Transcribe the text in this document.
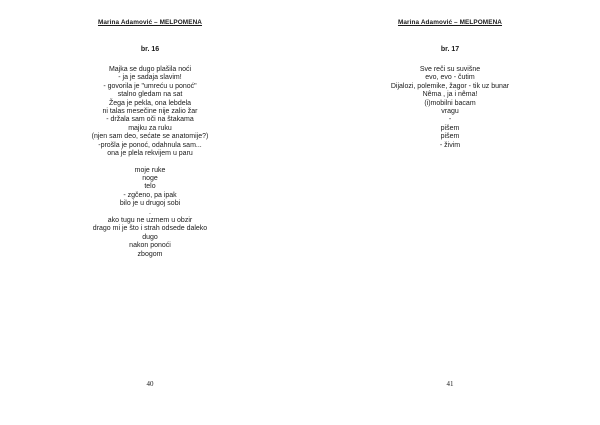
Marina Adamović – MELPOMENA
br. 16
Majka se dugo plašila noći
- ja je sadaja slavim!
- govorila je "umreću u ponoć"
stalno gledam na sat
Žega je pekla, ona lebdela
ni talas mesečine nije zalio žar
- držala sam oči na štakama
majku za ruku
(njen sam deo, sećate se anatomije?)
-prošla je ponoć, odahnula sam...
ona je plela rekvijem u paru
moje ruke
noge
telo
- zgčeno, pa ipak
bilo je u drugoj sobi
.
ako tugu ne uzmem u obzir
drago mi je što i strah odsede daleko
dugo
nakon ponoći
zbogom
40
Marina Adamović – MELPOMENA
br. 17
Sve reči su suvišne
evo, evo - čutim
Dijalozi, polemike, žagor - tik uz bunar
Nêma , ja i nêma!
(i)mobilni bacam
vragu
-
pišem
pišem
- živim
41
